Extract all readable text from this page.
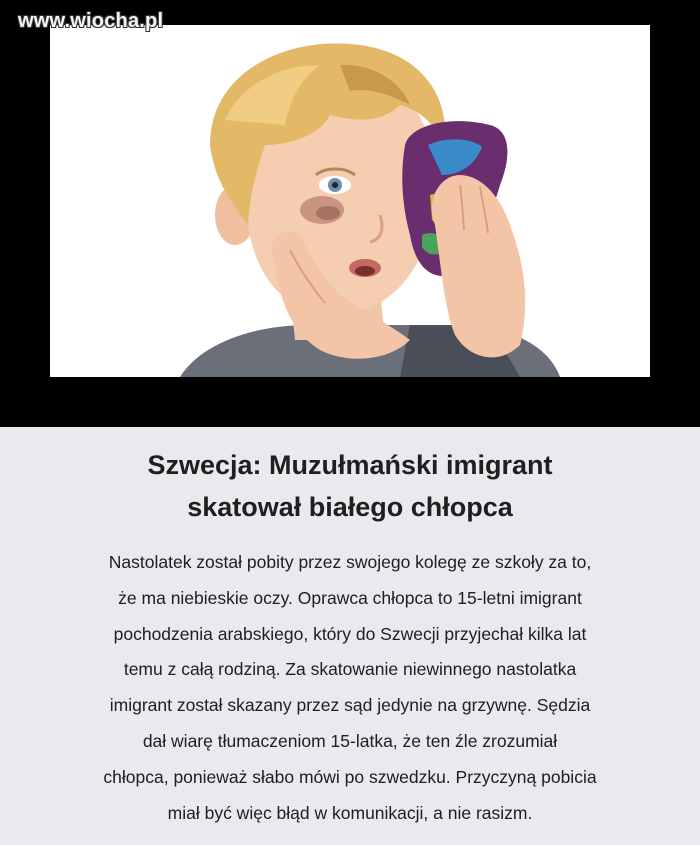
www.wiocha.pl
Szwecja: Muzułmański imigrant
skatował białego chłopca

Nastolatek został pobity przez swojego kolegę ze szkoły za to,
że ma niebieskie oczy. Oprawca chłopca to 15-letni imigrant
pochodzenia arabskiego, który do Szwecji przyjechał kilka lat
temu z całą rodziną. Za skatowanie niewinnego nastolatka
imigrant został skazany przez sąd jedynie na grzywnę. Sędzia
dał wiarę tłumaczeniom 15-latka, że ten źle zrozumiał
chłopca, ponieważ słabo mówi po szwedzku. Przyczyną pobicia
miał być więc błąd w komunikacji, a nie rasizm.
